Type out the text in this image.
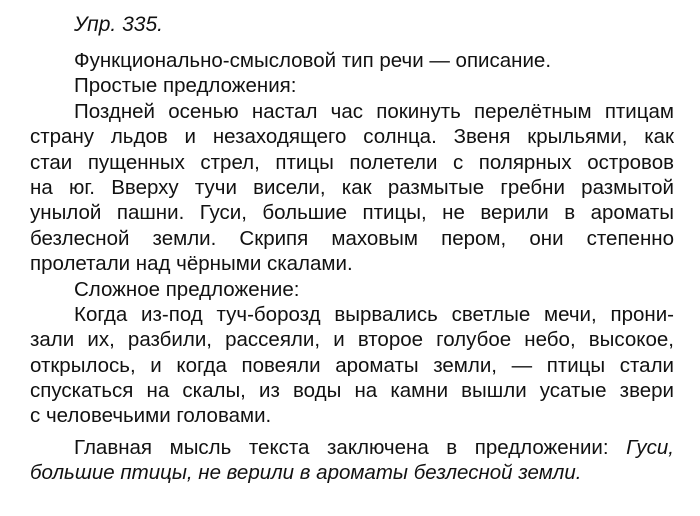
Упр. 335.
Функционально-смысловой тип речи — описание.
Простые предложения:
Поздней осенью настал час покинуть перелётным птицам
страну льдов и незаходящего солнца. Звеня крыльями, как
стаи пущенных стрел, птицы полетели с полярных островов
на юг. Вверху тучи висели, как размытые гребни размытой
унылой пашни. Гуси, большие птицы, не верили в ароматы
безлесной земли. Скрипя маховым пером, они степенно
пролетали над чёрными скалами.
Сложное предложение:
Когда из-под туч-борозд вырвались светлые мечи, прони-
зали их, разбили, рассеяли, и второе голубое небо, высокое,
открылось, и когда повеяли ароматы земли, — птицы стали
спускаться на скалы, из воды на камни вышли усатые звери
с человечьими головами.
Главная мысль текста заключена в предложении: Гуси,
большие птицы, не верили в ароматы безлесной земли.
